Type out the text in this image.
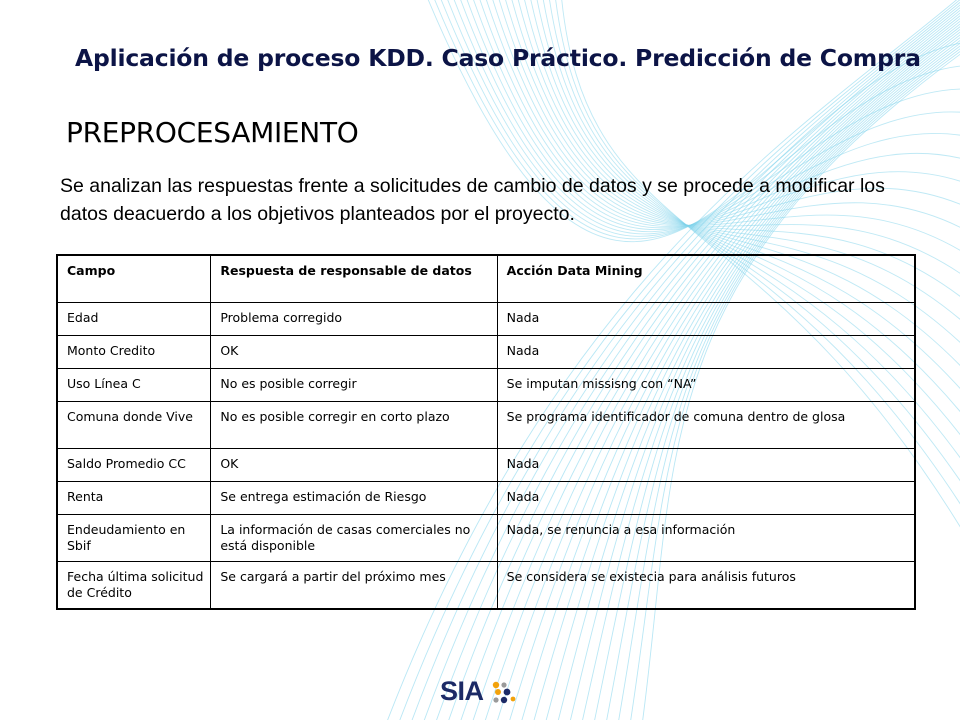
Aplicación de proceso KDD. Caso Práctico. Predicción de Compra
PREPROCESAMIENTO
Se analizan las respuestas frente a solicitudes de cambio de datos y se procede a modificar los datos deacuerdo a los objetivos planteados por el proyecto.
Campo	Respuesta de responsable de datos	Acción Data Mining
Edad	Problema corregido	Nada
Monto Credito	OK	Nada
Uso Línea C	No es posible corregir	Se imputan missisng con “NA”
Comuna donde Vive	No es posible corregir en corto plazo	Se programa identificador de comuna dentro de glosa
Saldo Promedio CC	OK	Nada
Renta	Se entrega estimación de Riesgo	Nada
Endeudamiento en Sbif	La información de casas comerciales no está disponible	Nada, se renuncia a esa información
Fecha última solicitud de Crédito	Se cargará a partir del próximo mes	Se considera se existecia para análisis futuros
SIA
